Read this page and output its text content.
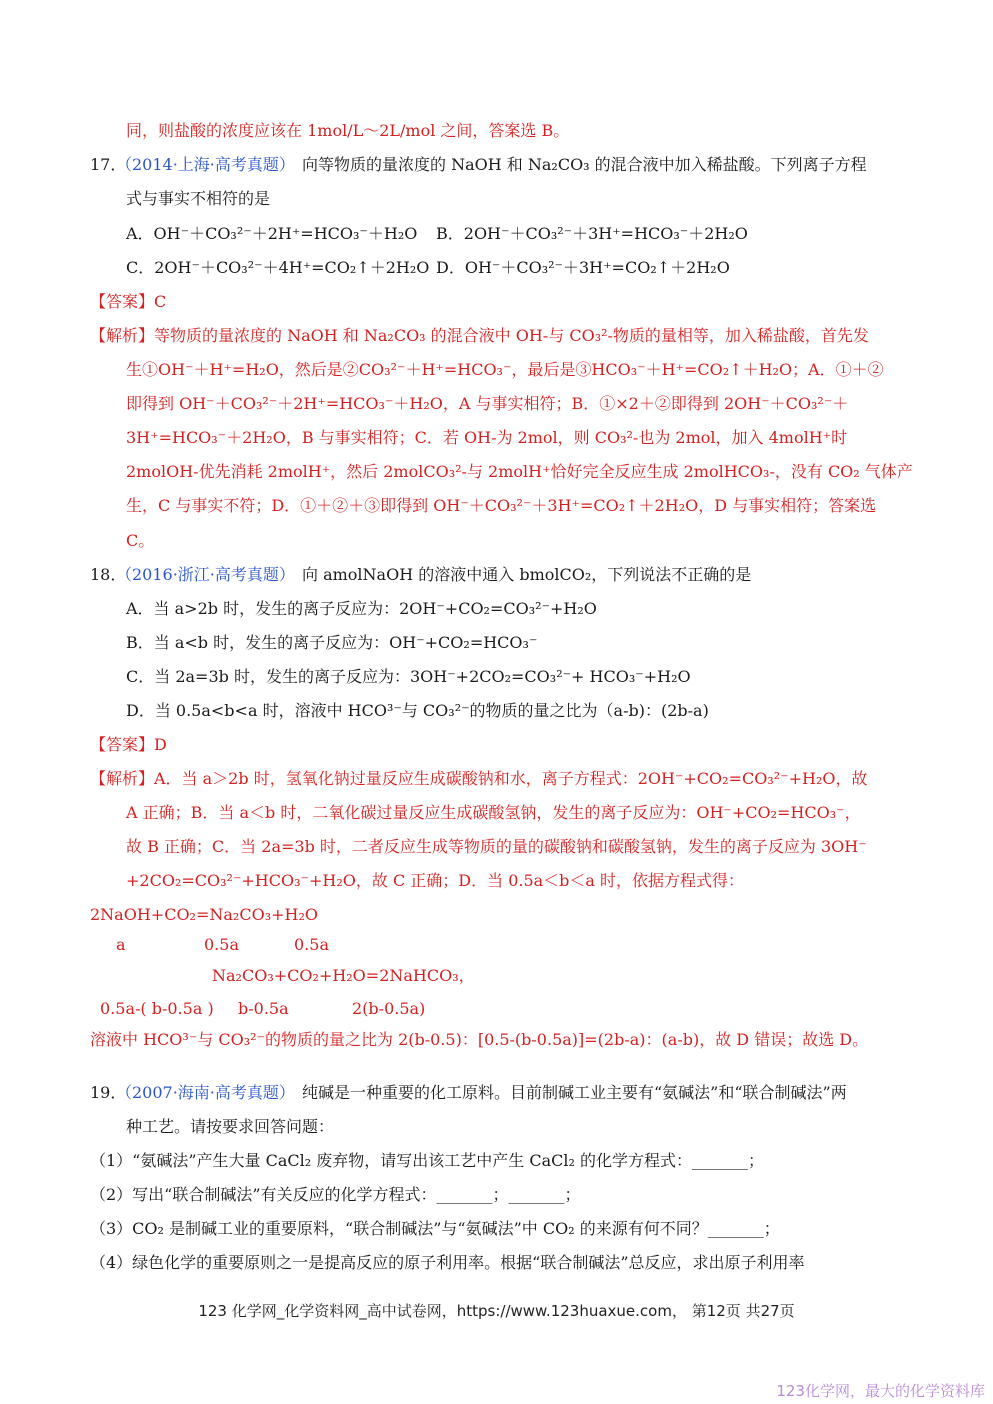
同，则盐酸的浓度应该在 1mol/L～2L/mol 之间，答案选 B。
17．
（2014·上海·高考真题） 向等物质的量浓度的 NaOH 和 Na₂CO₃ 的混合液中加入稀盐酸。下列离子方程
式与事实不相符的是
A．OH⁻＋CO₃²⁻＋2H⁺=HCO₃⁻＋H₂O B．2OH⁻＋CO₃²⁻＋3H⁺=HCO₃⁻＋2H₂O
C．2OH⁻＋CO₃²⁻＋4H⁺=CO₂↑＋2H₂O D．OH⁻＋CO₃²⁻＋3H⁺=CO₂↑＋2H₂O
【答案】C
【解析】等物质的量浓度的 NaOH 和 Na₂CO₃ 的混合液中 OH-与 CO₃²-物质的量相等，加入稀盐酸，首先发
生①OH⁻＋H⁺=H₂O，然后是②CO₃²⁻＋H⁺=HCO₃⁻，最后是③HCO₃⁻＋H⁺=CO₂↑＋H₂O；A．①＋②
即得到 OH⁻＋CO₃²⁻＋2H⁺=HCO₃⁻＋H₂O，A 与事实相符；B．①×2＋②即得到 2OH⁻＋CO₃²⁻＋
3H⁺=HCO₃⁻＋2H₂O，B 与事实相符；C．若 OH-为 2mol，则 CO₃²-也为 2mol，加入 4molH⁺时
2molOH-优先消耗 2molH⁺，然后 2molCO₃²-与 2molH⁺恰好完全反应生成 2molHCO₃-，没有 CO₂ 气体产
生，C 与事实不符；D．①＋②＋③即得到 OH⁻＋CO₃²⁻＋3H⁺=CO₂↑＋2H₂O，D 与事实相符；答案选
C。
18．
（2016·浙江·高考真题） 向 amolNaOH 的溶液中通入 bmolCO₂，下列说法不正确的是
A．当 a>2b 时，发生的离子反应为：2OH⁻+CO₂=CO₃²⁻+H₂O
B．当 a<b 时，发生的离子反应为：OH⁻+CO₂=HCO₃⁻
C．当 2a=3b 时，发生的离子反应为：3OH⁻+2CO₂=CO₃²⁻+ HCO₃⁻+H₂O
D．当 0.5a<b<a 时，溶液中 HCO³⁻与 CO₃²⁻的物质的量之比为（a-b)：(2b-a)
【答案】D
【解析】A．当 a＞2b 时，氢氧化钠过量反应生成碳酸钠和水，离子方程式：2OH⁻+CO₂=CO₃²⁻+H₂O，故
A 正确；B．当 a＜b 时，二氧化碳过量反应生成碳酸氢钠，发生的离子反应为：OH⁻+CO₂=HCO₃⁻，
故 B 正确；C．当 2a=3b 时，二者反应生成等物质的量的碳酸钠和碳酸氢钠，发生的离子反应为 3OH⁻
+2CO₂=CO₃²⁻+HCO₃⁻+H₂O，故 C 正确；D．当 0.5a＜b＜a 时，依据方程式得：
2NaOH+CO₂=Na₂CO₃+H₂O
a	0.5a	0.5a
Na₂CO₃+CO₂+H₂O=2NaHCO₃，
0.5a-( b-0.5a ) b-0.5a	2(b-0.5a)
溶液中 HCO³⁻与 CO₃²⁻的物质的量之比为 2(b-0.5)：[0.5-(b-0.5a)]=(2b-a)：(a-b)，故 D 错误；故选 D。
19．
（2007·海南·高考真题） 纯碱是一种重要的化工原料。目前制碱工业主要有“氨碱法”和“联合制碱法”两
种工艺。请按要求回答问题：
（1）“氨碱法”产生大量 CaCl₂ 废弃物，请写出该工艺中产生 CaCl₂ 的化学方程式：_______；
（2）写出“联合制碱法”有关反应的化学方程式：_______；_______；
（3）CO₂ 是制碱工业的重要原料，“联合制碱法”与“氨碱法”中 CO₂ 的来源有何不同？_______；
（4）绿色化学的重要原则之一是提高反应的原子利用率。根据“联合制碱法”总反应，求出原子利用率
123 化学网_化学资料网_高中试卷网，https://www.123huaxue.com， 第12页 共27页
123化学网，最大的化学资料库
